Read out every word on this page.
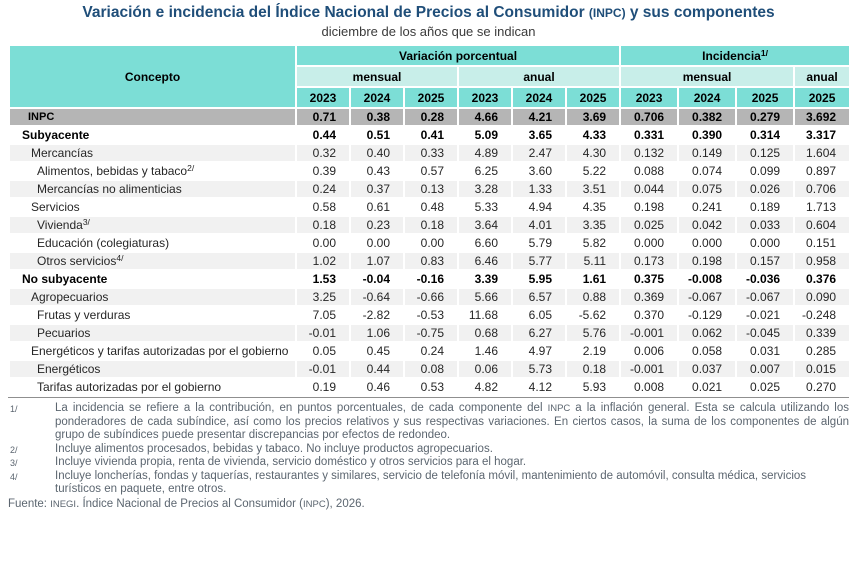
Variación e incidencia del Índice Nacional de Precios al Consumidor (INPC) y sus componentes
diciembre de los años que se indican
Concepto	Variación porcentual						Incidencia$^{1/}$
	mensual			anual			mensual			anual
	2023	2024	2025	2023	2024	2025	2023	2024	2025	2025
INPC	0.71	0.38	0.28	4.66	4.21	3.69	0.706	0.382	0.279	3.692
Subyacente	0.44	0.51	0.41	5.09	3.65	4.33	0.331	0.390	0.314	3.317
Mercancías	0.32	0.40	0.33	4.89	2.47	4.30	0.132	0.149	0.125	1.604
Alimentos, bebidas y tabaco$^{2/}$	0.39	0.43	0.57	6.25	3.60	5.22	0.088	0.074	0.099	0.897
Mercancías no alimenticias	0.24	0.37	0.13	3.28	1.33	3.51	0.044	0.075	0.026	0.706
Servicios	0.58	0.61	0.48	5.33	4.94	4.35	0.198	0.241	0.189	1.713
Vivienda$^{3/}$	0.18	0.23	0.18	3.64	4.01	3.35	0.025	0.042	0.033	0.604
Educación (colegiaturas)	0.00	0.00	0.00	6.60	5.79	5.82	0.000	0.000	0.000	0.151
Otros servicios$^{4/}$	1.02	1.07	0.83	6.46	5.77	5.11	0.173	0.198	0.157	0.958
No subyacente	1.53	-0.04	-0.16	3.39	5.95	1.61	0.375	-0.008	-0.036	0.376
Agropecuarios	3.25	-0.64	-0.66	5.66	6.57	0.88	0.369	-0.067	-0.067	0.090
Frutas y verduras	7.05	-2.82	-0.53	11.68	6.05	-5.62	0.370	-0.129	-0.021	-0.248
Pecuarios	-0.01	1.06	-0.75	0.68	6.27	5.76	-0.001	0.062	-0.045	0.339
Energéticos y tarifas autorizadas por el gobierno	0.05	0.45	0.24	1.46	4.97	2.19	0.006	0.058	0.031	0.285
Energéticos	-0.01	0.44	0.08	0.06	5.73	0.18	-0.001	0.037	0.007	0.015
Tarifas autorizadas por el gobierno	0.19	0.46	0.53	4.82	4.12	5.93	0.008	0.021	0.025	0.270
1/	La incidencia se refiere a la contribución, en puntos porcentuales, de cada componente del INPC a la inflación general. Esta se calcula utilizando los ponderadores de cada subíndice, así como los precios relativos y sus respectivas variaciones. En ciertos casos, la suma de los componentes de algún grupo de subíndices puede presentar discrepancias por efectos de redondeo.
2/	Incluye alimentos procesados, bebidas y tabaco. No incluye productos agropecuarios.
3/	Incluye vivienda propia, renta de vivienda, servicio doméstico y otros servicios para el hogar.
4/	Incluye loncherías, fondas y taquerías, restaurantes y similares, servicio de telefonía móvil, mantenimiento de automóvil, consulta médica, servicios turísticos en paquete, entre otros.
Fuente: INEGI. Índice Nacional de Precios al Consumidor (INPC), 2026.
